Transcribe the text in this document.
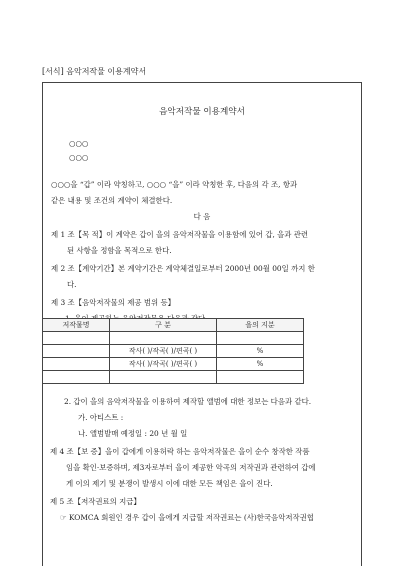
[서식] 음악저작물 이용계약서
음악저작물 이용계약서
○○○
○○○
○○○을 “갑” 이라 약칭하고, ○○○ “을” 이라 약칭한 후, 다음의 각 조, 항과
같은 내용 및 조건의 계약이 체결한다.
다 음
제 1 조【목 적】이 계약은 갑이 을의 음악저작물을 이용함에 있어 갑, 을과 관련
된 사항을 정함을 목적으로 한다.
제 2 조【계약기간】본 계약기간은 계약체결일로부터 2000년 00월 00일 까지 한
다.
제 3 조【음악저작물의 제공 범위 등】
저작물명	구 분	을의 지분

	작사( )/작곡( )/편곡( )	%
	작사( )/작곡( )/편곡( )	%

2. 갑이 을의 음악저작물을 이용하여 제작할 앨범에 대한 정보는 다음과 같다.
가. 아티스트 :
나. 앨범발매 예정일 : 20 년 월 일
제 4 조【보 증】을이 갑에게 이용허락 하는 음악저작물은 을이 순수 창작한 작품
임을 확인·보증하며, 제3자로부터 을이 제공한 악곡의 저작권과 관련하여 갑에
게 이의 제기 및 분쟁이 발생시 이에 대한 모든 책임은 을이 진다.
제 5 조【저작권료의 지급】
☞ KOMCA 회원인 경우 갑이 을에게 지급할 저작권료는 (사)한국음악저작권협
